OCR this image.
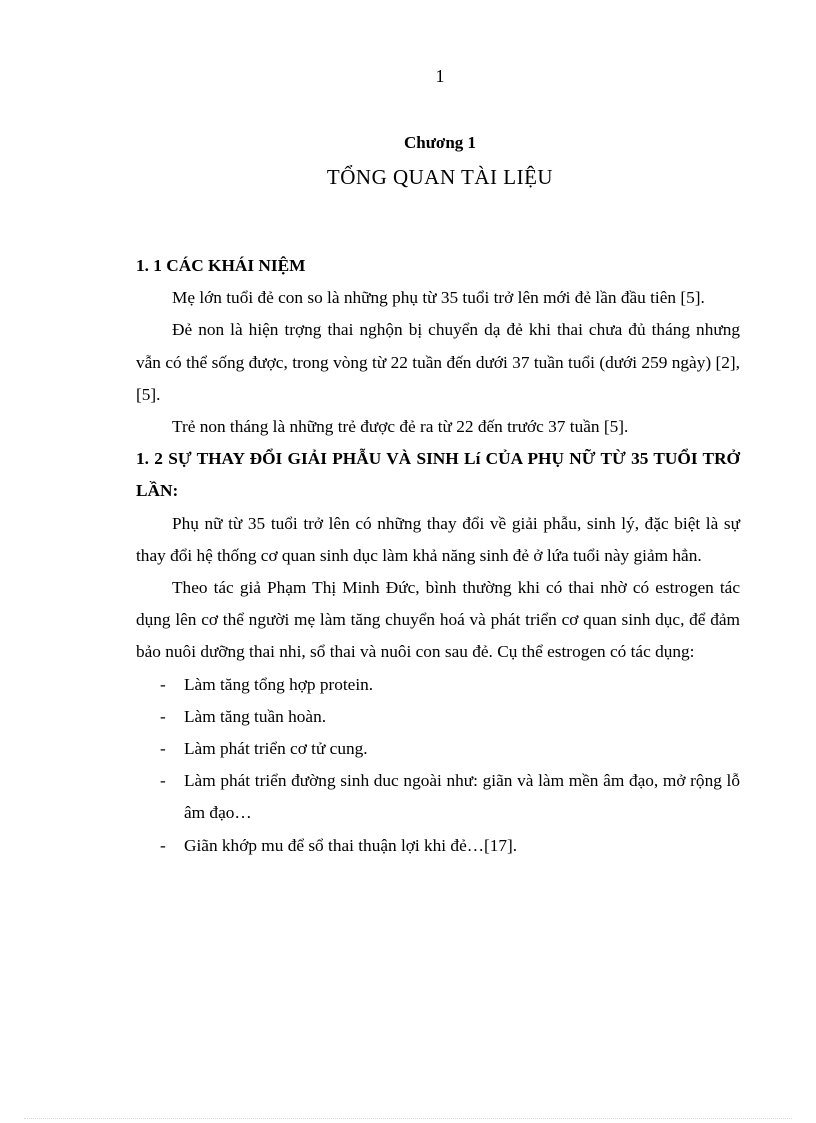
1
Chương 1
TỔNG QUAN TÀI LIỆU

1. 1 CÁC KHÁI NIỆM

Mẹ lớn tuổi đẻ con so là những phụ từ 35 tuổi trở lên mới đẻ lần đầu tiên [5].

Đẻ non là hiện trợng thai nghộn bị chuyển dạ đẻ khi thai chưa đủ tháng nhưng vẫn có thể sống được, trong vòng từ 22 tuần đến dưới 37 tuần tuổi (dưới 259 ngày) [2], [5].

Trẻ non tháng là những trẻ được đẻ ra từ 22 đến trước 37 tuần [5].

1. 2 SỰ THAY ĐỔI GIẢI PHẪU VÀ SINH Lí CỦA PHỤ NỮ TỪ 35 TUỔI TRỞ LẦN:

Phụ nữ từ 35 tuổi trở lên có những thay đổi về giải phẫu, sinh lý, đặc biệt là sự thay đổi hệ thống cơ quan sinh dục làm khả năng sinh đẻ ở lứa tuổi này giảm hẳn.

Theo tác giả Phạm Thị Minh Đức, bình thường khi có thai nhờ có estrogen tác dụng lên cơ thể người mẹ làm tăng chuyển hoá và phát triển cơ quan sinh dục, để đảm bảo nuôi dưỡng thai nhi, sổ thai và nuôi con sau đẻ. Cụ thể estrogen có tác dụng:

- Làm tăng tổng hợp protein.
- Làm tăng tuần hoàn.
- Làm phát triển cơ tử cung.
- Làm phát triển đường sinh duc ngoài như: giãn và làm mền âm đạo, mở rộng lỗ âm đạo…
- Giãn khớp mu để sổ thai thuận lợi khi đẻ…[17].
